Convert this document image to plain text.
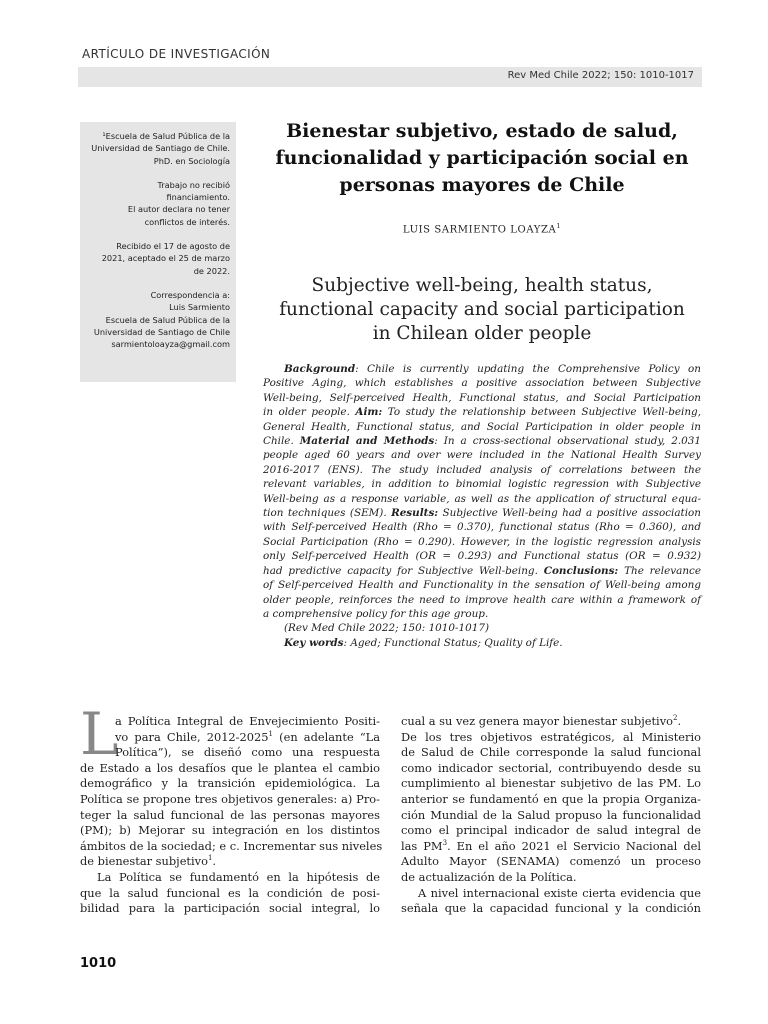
ARTÍCULO DE INVESTIGACIÓN
Rev Med Chile 2022; 150: 1010-1017
¹Escuela de Salud Pública de la
Universidad de Santiago de Chile.
PhD. en Sociología
Trabajo no recibió
financiamiento.
El autor declara no tener
conflictos de interés.
Recibido el 17 de agosto de
2021, aceptado el 25 de marzo
de 2022.
Correspondencia a:
Luis Sarmiento
Escuela de Salud Pública de la
Universidad de Santiago de Chile
sarmientoloayza@gmail.com
Bienestar subjetivo, estado de salud,
funcionalidad y participación social en
personas mayores de Chile
LUIS SARMIENTO LOAYZA$^1$
Subjective well-being, health status,
functional capacity and social participation
in Chilean older people
Background: Chile is currently updating the Comprehensive Policy on
Positive Aging, which establishes a positive association between Subjective
Well-being, Self-perceived Health, Functional status, and Social Participation
in older people. Aim: To study the relationship between Subjective Well-being,
General Health, Functional status, and Social Participation in older people in
Chile. Material and Methods: In a cross-sectional observational study, 2.031
people aged 60 years and over were included in the National Health Survey
2016-2017 (ENS). The study included analysis of correlations between the
relevant variables, in addition to binomial logistic regression with Subjective
Well-being as a response variable, as well as the application of structural equa-
tion techniques (SEM). Results: Subjective Well-being had a positive association
with Self-perceived Health (Rho = 0.370), functional status (Rho = 0.360), and
Social Participation (Rho = 0.290). However, in the logistic regression analysis
only Self-perceived Health (OR = 0.293) and Functional status (OR = 0.932)
had predictive capacity for Subjective Well-being. Conclusions: The relevance
of Self-perceived Health and Functionality in the sensation of Well-being among
older people, reinforces the need to improve health care within a framework of
a comprehensive policy for this age group.
(Rev Med Chile 2022; 150: 1010-1017)
Key words: Aged; Functional Status; Quality of Life.
L
a Política Integral de Envejecimiento Positi-
vo para Chile, 2012-2025$^1$ (en adelante “La
Política”), se diseñó como una respuesta
de Estado a los desafíos que le plantea el cambio
demográfico y la transición epidemiológica. La
Política se propone tres objetivos generales: a) Pro-
teger la salud funcional de las personas mayores
(PM); b) Mejorar su integración en los distintos
ámbitos de la sociedad; e c. Incrementar sus niveles
de bienestar subjetivo$^1$.
La Política se fundamentó en la hipótesis de
que la salud funcional es la condición de posi-
bilidad para la participación social integral, lo
cual a su vez genera mayor bienestar subjetivo$^2$.
De los tres objetivos estratégicos, al Ministerio
de Salud de Chile corresponde la salud funcional
como indicador sectorial, contribuyendo desde su
cumplimiento al bienestar subjetivo de las PM. Lo
anterior se fundamentó en que la propia Organiza-
ción Mundial de la Salud propuso la funcionalidad
como el principal indicador de salud integral de
las $PM^3$. En el año 2021 el Servicio Nacional del
Adulto Mayor (SENAMA) comenzó un proceso
de actualización de la Política.
A nivel internacional existe cierta evidencia que
señala que la capacidad funcional y la condición
1010
